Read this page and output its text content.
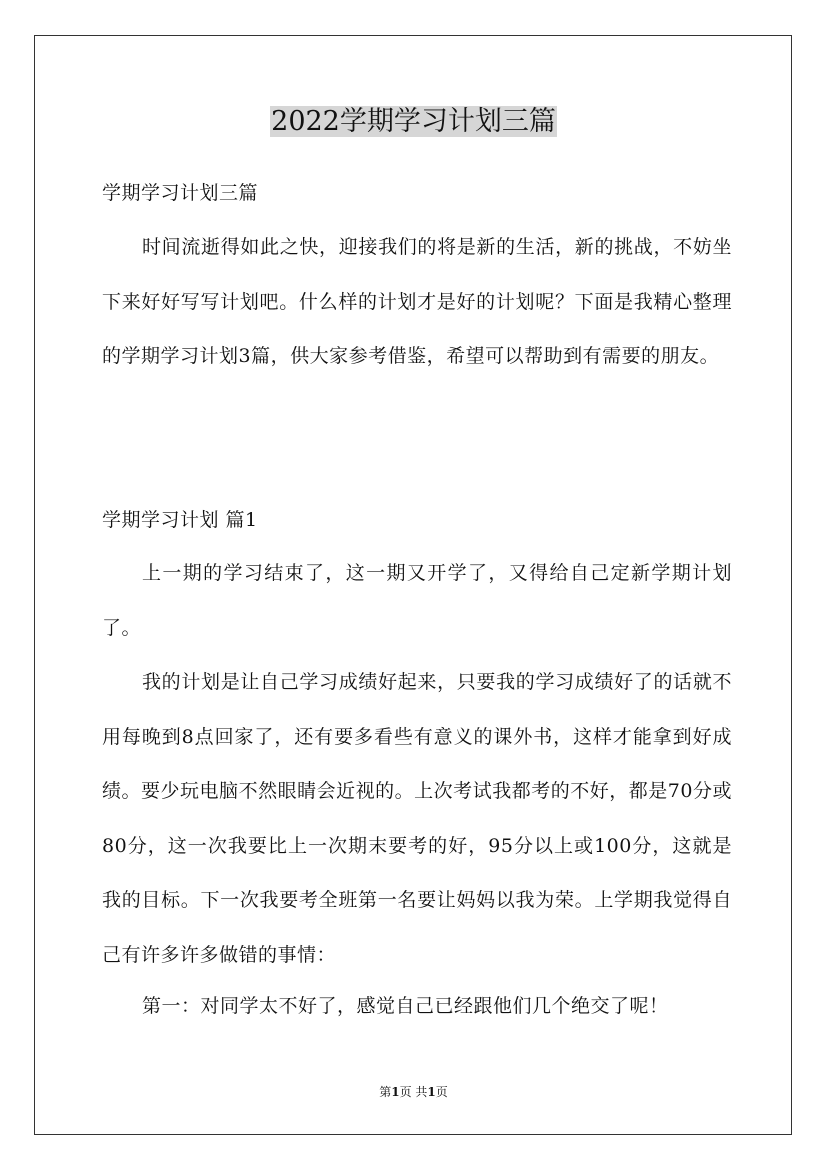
2022学期学习计划三篇

学期学习计划三篇

时间流逝得如此之快，迎接我们的将是新的生活，新的挑战，不妨坐下来好好写写计划吧。什么样的计划才是好的计划呢？下面是我精心整理的学期学习计划3篇，供大家参考借鉴，希望可以帮助到有需要的朋友。

学期学习计划 篇1

上一期的学习结束了，这一期又开学了，又得给自己定新学期计划了。

我的计划是让自己学习成绩好起来，只要我的学习成绩好了的话就不用每晚到8点回家了，还有要多看些有意义的课外书，这样才能拿到好成绩。要少玩电脑不然眼睛会近视的。上次考试我都考的不好，都是70分或80分，这一次我要比上一次期末要考的好，95分以上或100分，这就是我的目标。下一次我要考全班第一名要让妈妈以我为荣。上学期我觉得自己有许多许多做错的事情：

第一：对同学太不好了，感觉自己已经跟他们几个绝交了呢！

第1页 共1页
